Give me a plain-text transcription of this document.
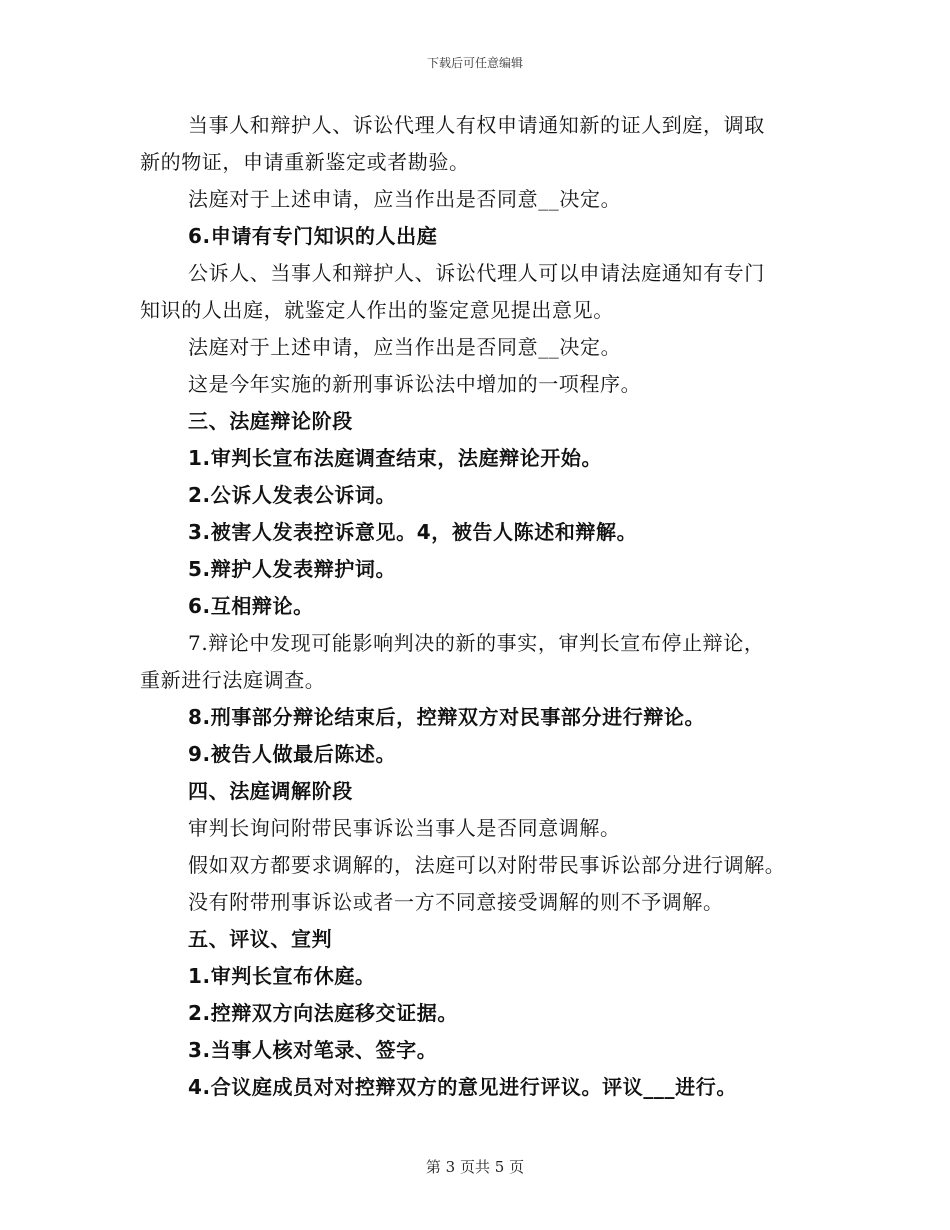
下载后可任意编辑
当事人和辩护人、诉讼代理人有权申请通知新的证人到庭，调取
新的物证，申请重新鉴定或者勘验。
法庭对于上述申请，应当作出是否同意__决定。
6.申请有专门知识的人出庭
公诉人、当事人和辩护人、诉讼代理人可以申请法庭通知有专门
知识的人出庭，就鉴定人作出的鉴定意见提出意见。
法庭对于上述申请，应当作出是否同意__决定。
这是今年实施的新刑事诉讼法中增加的一项程序。
三、法庭辩论阶段
1.审判长宣布法庭调查结束，法庭辩论开始。
2.公诉人发表公诉词。
3.被害人发表控诉意见。4，被告人陈述和辩解。
5.辩护人发表辩护词。
6.互相辩论。
7.辩论中发现可能影响判决的新的事实，审判长宣布停止辩论，
重新进行法庭调查。
8.刑事部分辩论结束后，控辩双方对民事部分进行辩论。
9.被告人做最后陈述。
四、法庭调解阶段
审判长询问附带民事诉讼当事人是否同意调解。
假如双方都要求调解的，法庭可以对附带民事诉讼部分进行调解。
没有附带刑事诉讼或者一方不同意接受调解的则不予调解。
五、评议、宣判
1.审判长宣布休庭。
2.控辩双方向法庭移交证据。
3.当事人核对笔录、签字。
4.合议庭成员对对控辩双方的意见进行评议。评议___进行。
第 3 页共 5 页
